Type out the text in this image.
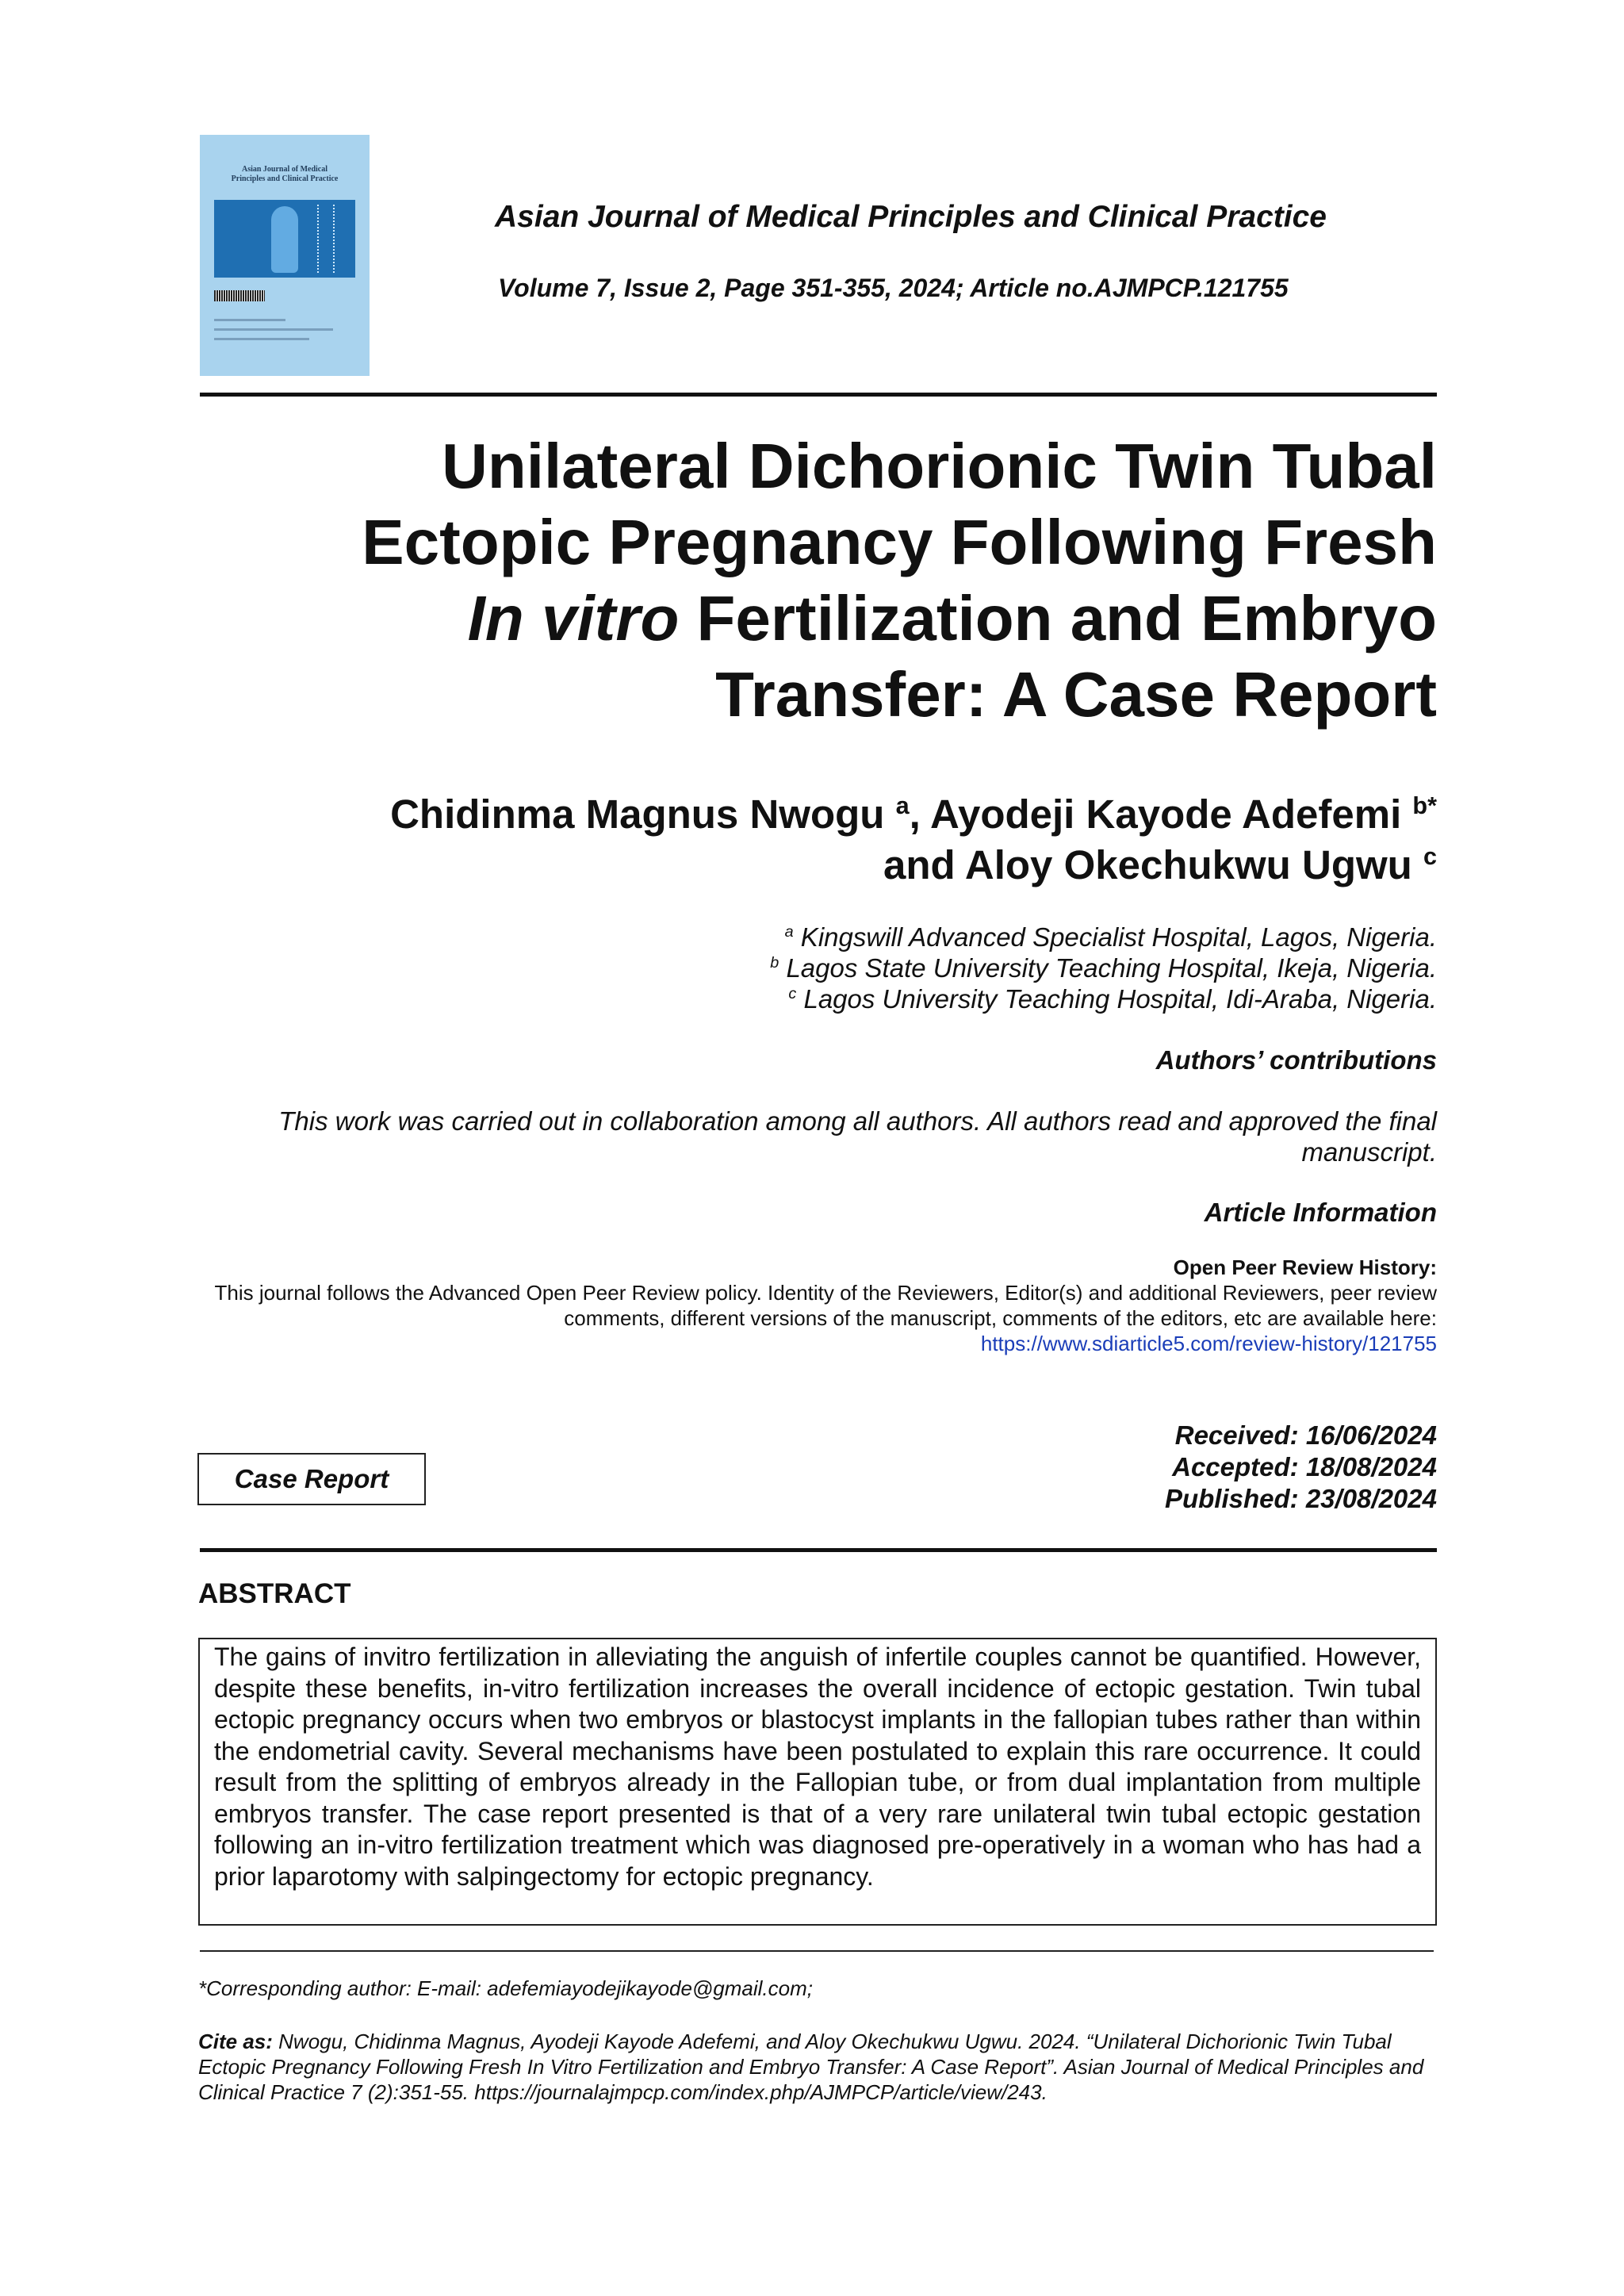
Asian Journal of Medical
Principles and Clinical Practice
Asian Journal of Medical Principles and Clinical Practice
Volume 7, Issue 2, Page 351-355, 2024; Article no.AJMPCP.121755
Unilateral Dichorionic Twin Tubal
Ectopic Pregnancy Following Fresh
In vitro Fertilization and Embryo
Transfer: A Case Report
Chidinma Magnus Nwogu $^a$, Ayodeji Kayode Adefemi $^{b*}$
and Aloy Okechukwu Ugwu $^c$
$^a$ Kingswill Advanced Specialist Hospital, Lagos, Nigeria.
$^b$ Lagos State University Teaching Hospital, Ikeja, Nigeria.
$^c$ Lagos University Teaching Hospital, Idi-Araba, Nigeria.
Authors’ contributions
This work was carried out in collaboration among all authors. All authors read and approved the final manuscript.
Article Information
Open Peer Review History:
This journal follows the Advanced Open Peer Review policy. Identity of the Reviewers, Editor(s) and additional Reviewers, peer review comments, different versions of the manuscript, comments of the editors, etc are available here:
https://www.sdiarticle5.com/review-history/121755
Received: 16/06/2024
Accepted: 18/08/2024
Published: 23/08/2024
Case Report
ABSTRACT
The gains of invitro fertilization in alleviating the anguish of infertile couples cannot be quantified. However, despite these benefits, in-vitro fertilization increases the overall incidence of ectopic gestation. Twin tubal ectopic pregnancy occurs when two embryos or blastocyst implants in the fallopian tubes rather than within the endometrial cavity. Several mechanisms have been postulated to explain this rare occurrence. It could result from the splitting of embryos already in the Fallopian tube, or from dual implantation from multiple embryos transfer. The case report presented is that of a very rare unilateral twin tubal ectopic gestation following an in-vitro fertilization treatment which was diagnosed pre-operatively in a woman who has had a prior laparotomy with salpingectomy for ectopic pregnancy.
*Corresponding author: E-mail: adefemiayodejikayode@gmail.com;
Cite as: Nwogu, Chidinma Magnus, Ayodeji Kayode Adefemi, and Aloy Okechukwu Ugwu. 2024. “Unilateral Dichorionic Twin Tubal Ectopic Pregnancy Following Fresh In Vitro Fertilization and Embryo Transfer: A Case Report”. Asian Journal of Medical Principles and Clinical Practice 7 (2):351-55. https://journalajmpcp.com/index.php/AJMPCP/article/view/243.
